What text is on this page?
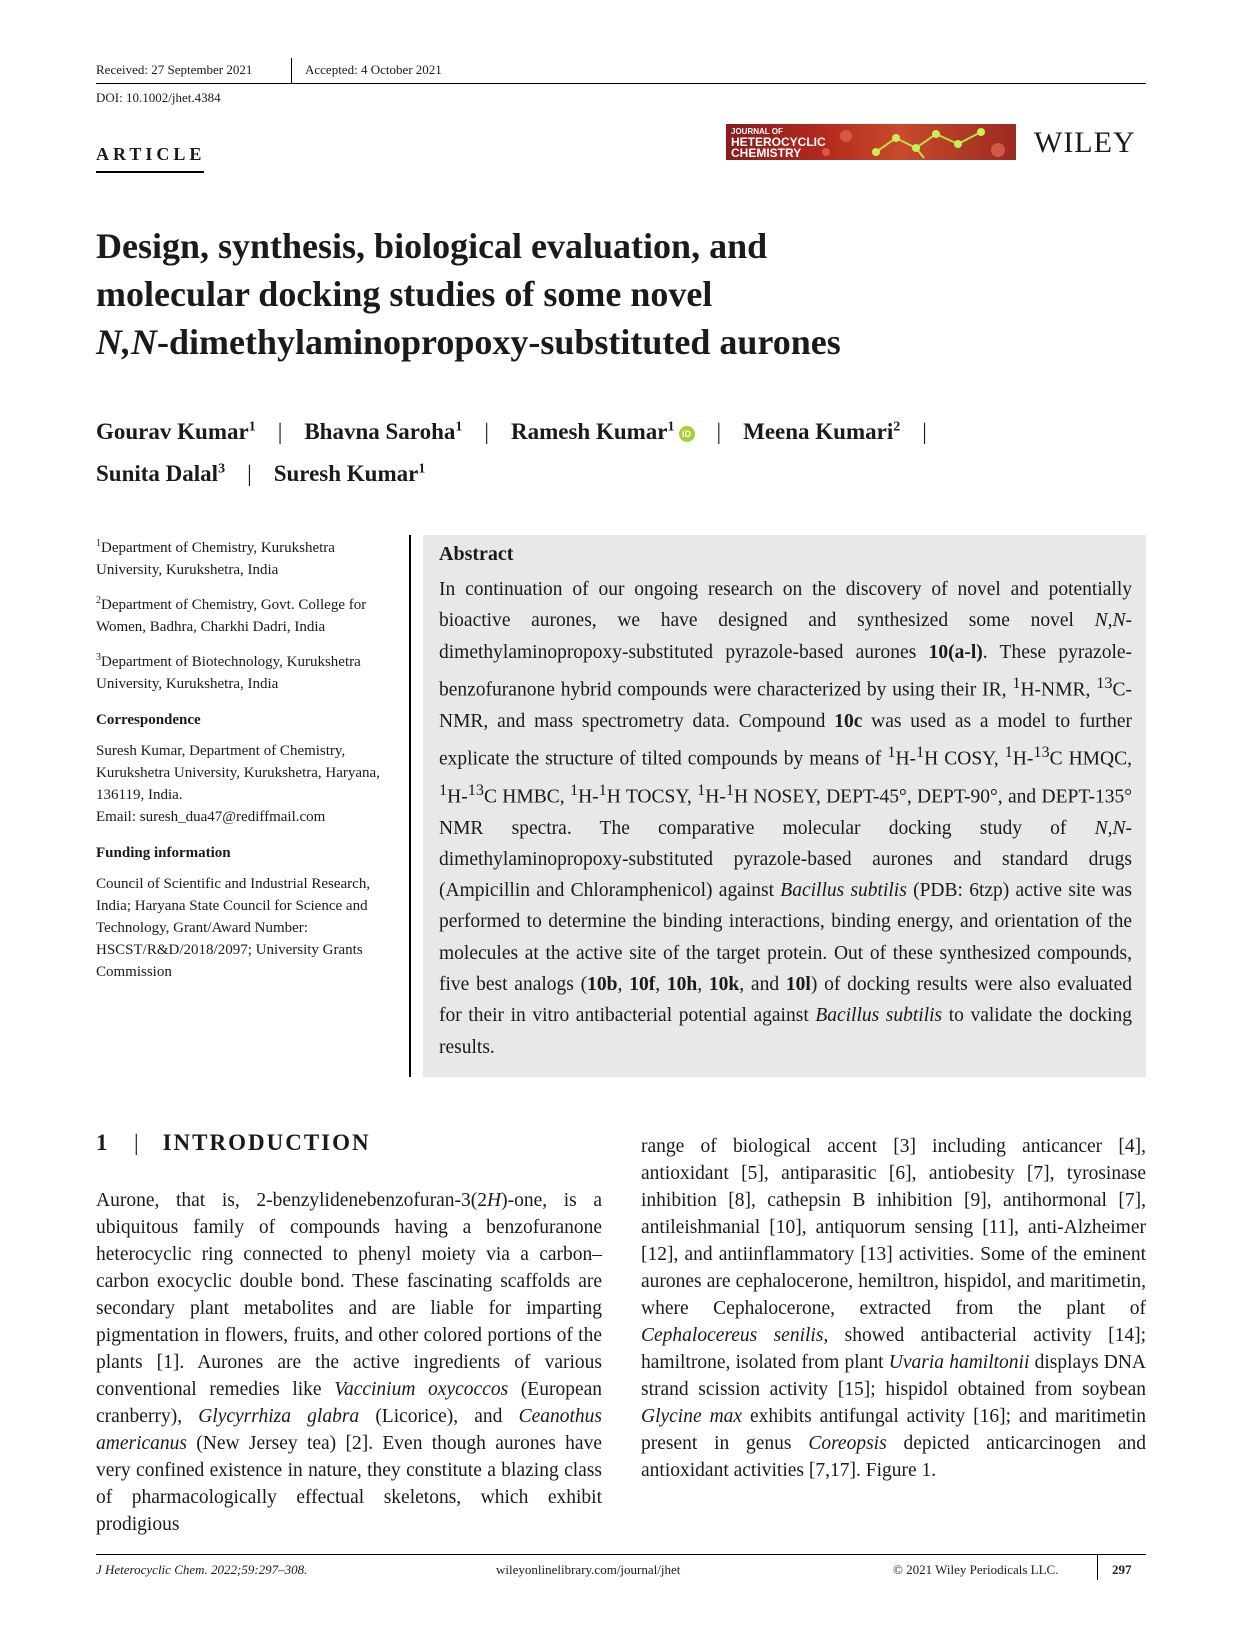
Received: 27 September 2021	Accepted: 4 October 2021
DOI: 10.1002/jhet.4384
ARTICLE
JOURNAL OF
HETEROCYCLIC
CHEMISTRY	WILEY
Design, synthesis, biological evaluation, and
molecular docking studies of some novel
N,N-dimethylaminopropoxy-substituted aurones
Gourav Kumar$^1$ | Bhavna Saroha$^1$ | Ramesh Kumar$^1$ iD | Meena Kumari$^2$ |
Sunita Dalal$^3$ | Suresh Kumar$^1$

$^1$Department of Chemistry, Kurukshetra University, Kurukshetra, India

$^2$Department of Chemistry, Govt. College for Women, Badhra, Charkhi Dadri, India

$^3$Department of Biotechnology, Kurukshetra University, Kurukshetra, India

Correspondence

Suresh Kumar, Department of Chemistry, Kurukshetra University, Kurukshetra, Haryana, 136119, India.

Email: suresh_dua47@rediffmail.com

Funding information

Council of Scientific and Industrial Research, India; Haryana State Council for Science and Technology, Grant/Award Number: HSCST/R&D/2018/2097; University Grants Commission

Abstract
In continuation of our ongoing research on the discovery of novel and potentially bioactive aurones, we have designed and synthesized some novel N,N-dimethylaminopropoxy-substituted pyrazole-based aurones 10(a-l). These pyrazole-benzofuranone hybrid compounds were characterized by using their IR, $^1$H-NMR, $^{13}$C-NMR, and mass spectrometry data. Compound 10c was used as a model to further explicate the structure of tilted compounds by means of $^1$H-$^1$H COSY, $^1$H-$^{13}$C HMQC, $^1$H-$^{13}$C HMBC, $^1$H-$^1$H TOCSY, $^1$H-$^1$H NOSEY, DEPT-45°, DEPT-90°, and DEPT-135° NMR spectra. The comparative molecular docking study of N,N-dimethylaminopropoxy-substituted pyrazole-based aurones and standard drugs (Ampicillin and Chloramphenicol) against Bacillus subtilis (PDB: 6tzp) active site was performed to determine the binding interactions, binding energy, and orientation of the molecules at the active site of the target protein. Out of these synthesized compounds, five best analogs (10b, 10f, 10h, 10k, and 10l) of docking results were also evaluated for their in vitro antibacterial potential against Bacillus subtilis to validate the docking results.
1 | INTRODUCTION
Aurone, that is, 2-benzylidenebenzofuran-3(2H)-one, is a ubiquitous family of compounds having a benzofuranone heterocyclic ring connected to phenyl moiety via a carbon–carbon exocyclic double bond. These fascinating scaffolds are secondary plant metabolites and are liable for imparting pigmentation in flowers, fruits, and other colored portions of the plants [1]. Aurones are the active ingredients of various conventional remedies like Vaccinium oxycoccos (European cranberry), Glycyrrhiza glabra (Licorice), and Ceanothus americanus (New Jersey tea) [2]. Even though aurones have very confined existence in nature, they constitute a blazing class of pharmacologically effectual skeletons, which exhibit prodigious
range of biological accent [3] including anticancer [4], antioxidant [5], antiparasitic [6], antiobesity [7], tyrosinase inhibition [8], cathepsin B inhibition [9], antihormonal [7], antileishmanial [10], antiquorum sensing [11], anti-Alzheimer [12], and antiinflammatory [13] activities. Some of the eminent aurones are cephalocerone, hemiltron, hispidol, and maritimetin, where Cephalocerone, extracted from the plant of Cephalocereus senilis, showed antibacterial activity [14]; hamiltrone, isolated from plant Uvaria hamiltonii displays DNA strand scission activity [15]; hispidol obtained from soybean Glycine max exhibits antifungal activity [16]; and maritimetin present in genus Coreopsis depicted anticarcinogen and antioxidant activities [7,17]. Figure 1.
J Heterocyclic Chem. 2022;59:297–308.	wileyonlinelibrary.com/journal/jhet	© 2021 Wiley Periodicals LLC.	297
